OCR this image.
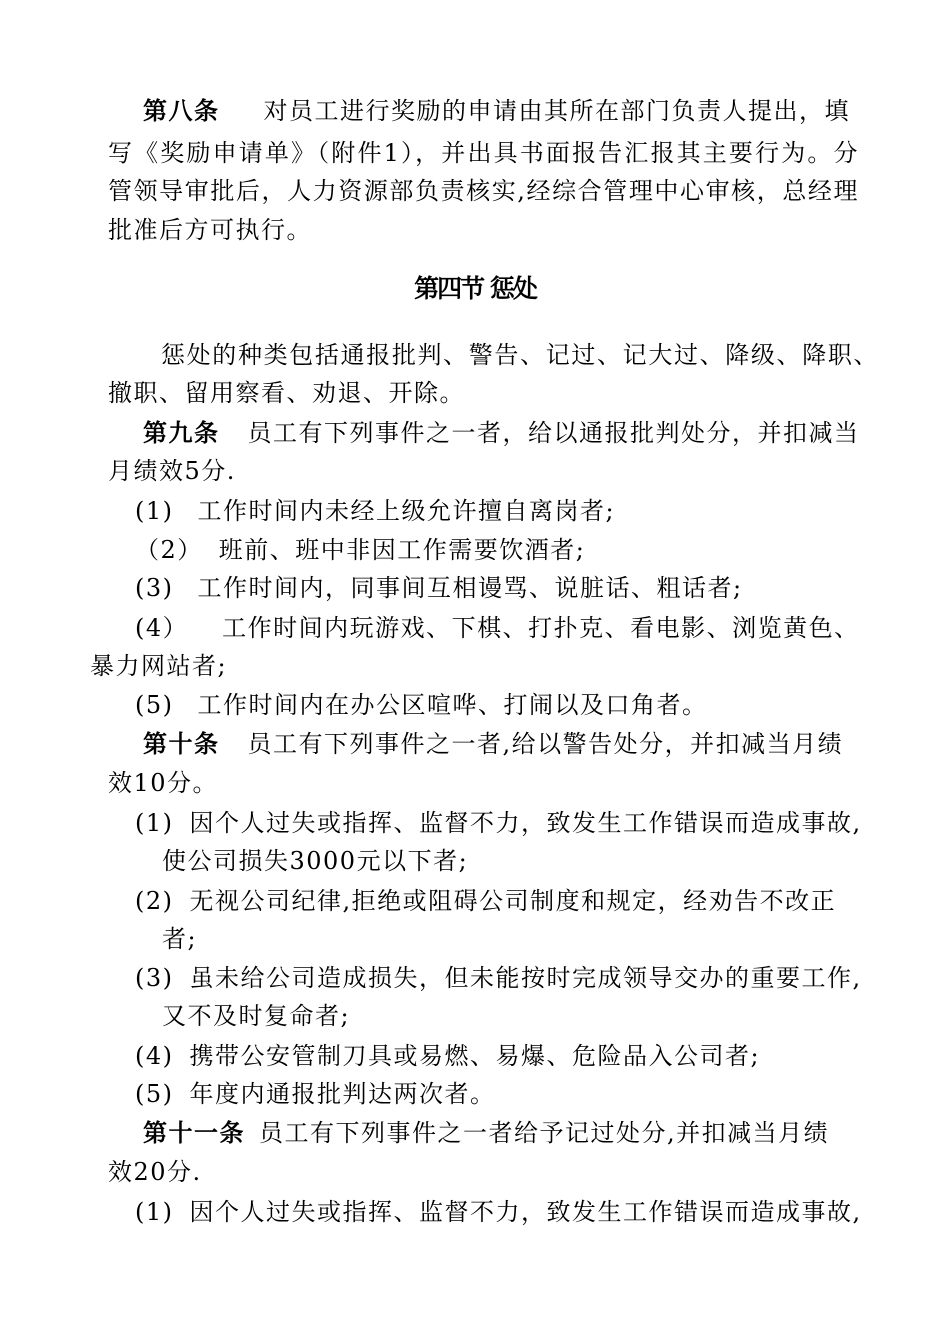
第八条 对员工进行奖励的申请由其所在部门负责人提出，填
写《奖励申请单》（附件1），并出具书面报告汇报其主要行为。分
管领导审批后，人力资源部负责核实,经综合管理中心审核，总经理
批准后方可执行。
第四节 惩处
惩处的种类包括通报批判、警告、记过、记大过、降级、降职、
撤职、留用察看、劝退、开除。
第九条 员工有下列事件之一者，给以通报批判处分，并扣减当
月绩效5分.
(1) 工作时间内未经上级允许擅自离岗者;
（2） 班前、班中非因工作需要饮酒者;
(3) 工作时间内，同事间互相谩骂、说脏话、粗话者;
(4） 工作时间内玩游戏、下棋、打扑克、看电影、浏览黄色、
暴力网站者;
(5) 工作时间内在办公区喧哗、打闹以及口角者。
第十条 员工有下列事件之一者,给以警告处分，并扣减当月绩
效10分。
(1) 因个人过失或指挥、监督不力，致发生工作错误而造成事故,
使公司损失3000元以下者;
(2) 无视公司纪律,拒绝或阻碍公司制度和规定，经劝告不改正
者;
(3) 虽未给公司造成损失，但未能按时完成领导交办的重要工作,
又不及时复命者;
(4) 携带公安管制刀具或易燃、易爆、危险品入公司者;
(5) 年度内通报批判达两次者。
第十一条 员工有下列事件之一者给予记过处分,并扣减当月绩
效20分.
(1) 因个人过失或指挥、监督不力，致发生工作错误而造成事故,
